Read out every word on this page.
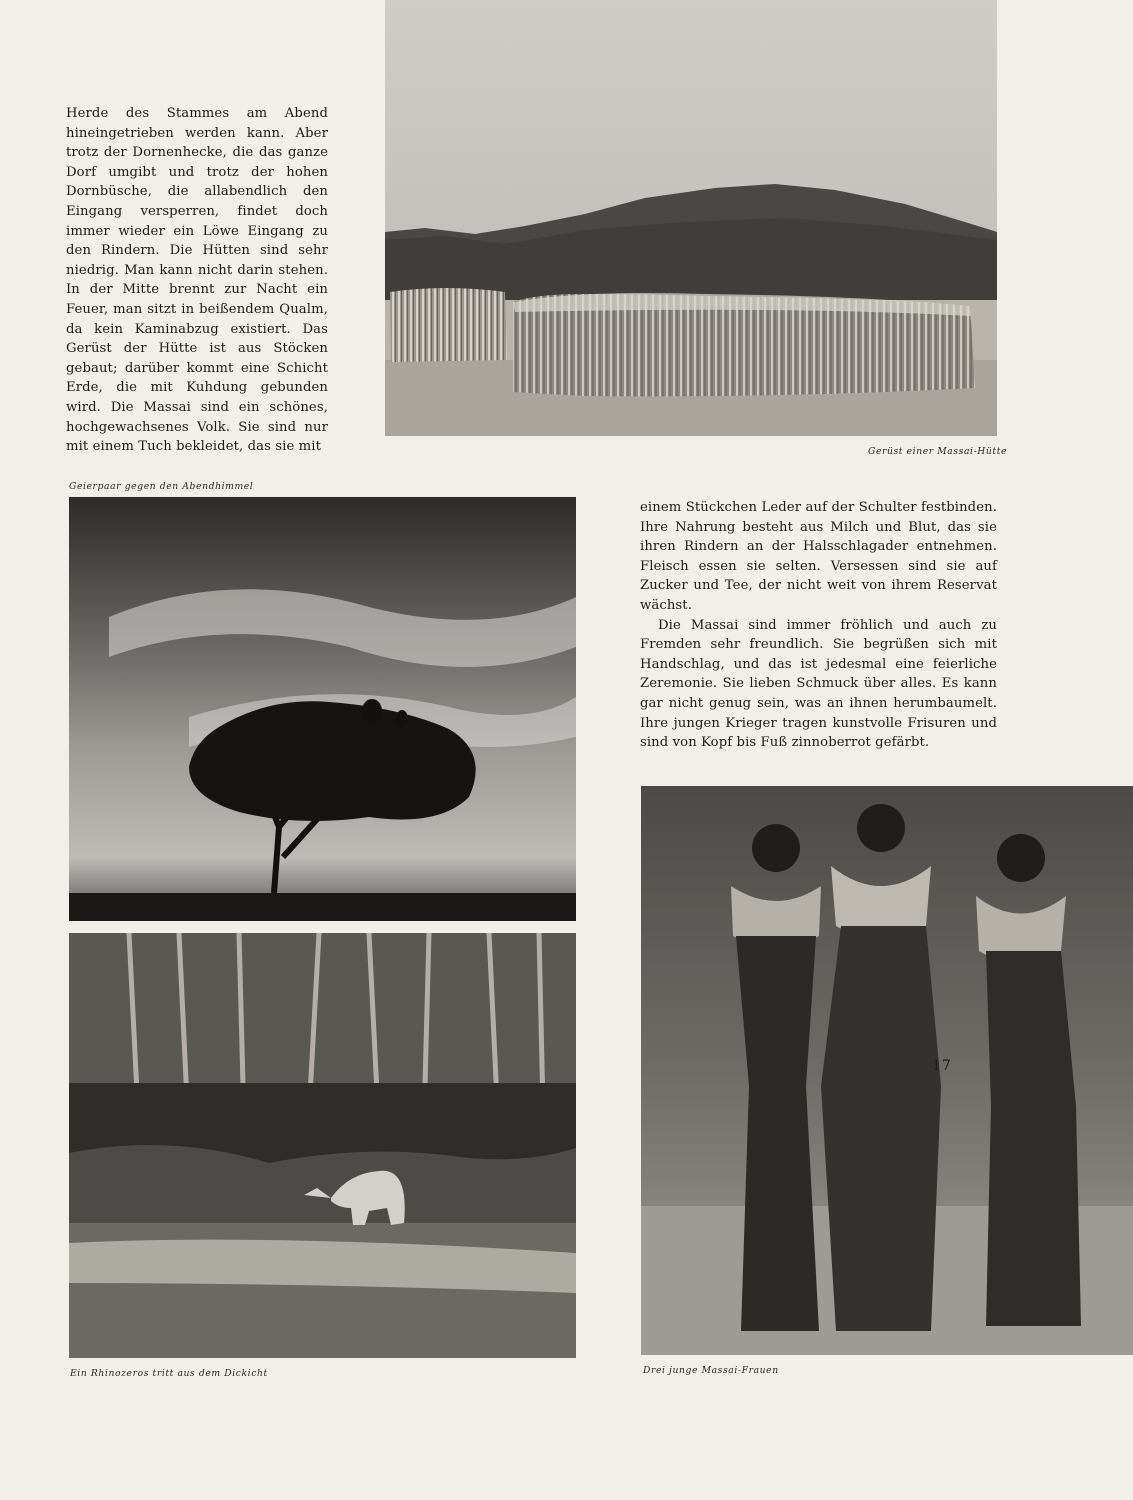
Herde des Stammes am Abend hineingetrieben werden kann. Aber trotz der Dornenhecke, die das ganze Dorf umgibt und trotz der hohen Dornbüsche, die allabendlich den Eingang versperren, findet doch immer wieder ein Löwe Eingang zu den Rindern. Die Hütten sind sehr niedrig. Man kann nicht darin stehen. In der Mitte brennt zur Nacht ein Feuer, man sitzt in beißendem Qualm, da kein Kaminabzug existiert. Das Gerüst der Hütte ist aus Stöcken gebaut; darüber kommt eine Schicht Erde, die mit Kuhdung gebunden wird. Die Massai sind ein schönes, hochgewachsenes Volk. Sie sind nur mit einem Tuch bekleidet, das sie mit	Gerüst einer Massai-Hütte
Geierpaar gegen den Abendhimmel
Ein Rhinozeros tritt aus dem Dickicht

einem Stückchen Leder auf der Schulter festbinden. Ihre Nahrung besteht aus Milch und Blut, das sie ihren Rindern an der Halsschlagader entnehmen. Fleisch essen sie selten. Versessen sind sie auf Zucker und Tee, der nicht weit von ihrem Reservat wächst.

Die Massai sind immer fröhlich und auch zu Fremden sehr freundlich. Sie begrüßen sich mit Handschlag, und das ist jedesmal eine feierliche Zeremonie. Sie lieben Schmuck über alles. Es kann gar nicht genug sein, was an ihnen herumbaumelt. Ihre jungen Krieger tragen kunstvolle Frisuren und sind von Kopf bis Fuß zinnoberrot gefärbt.

Drei junge Massai-Frauen
17
